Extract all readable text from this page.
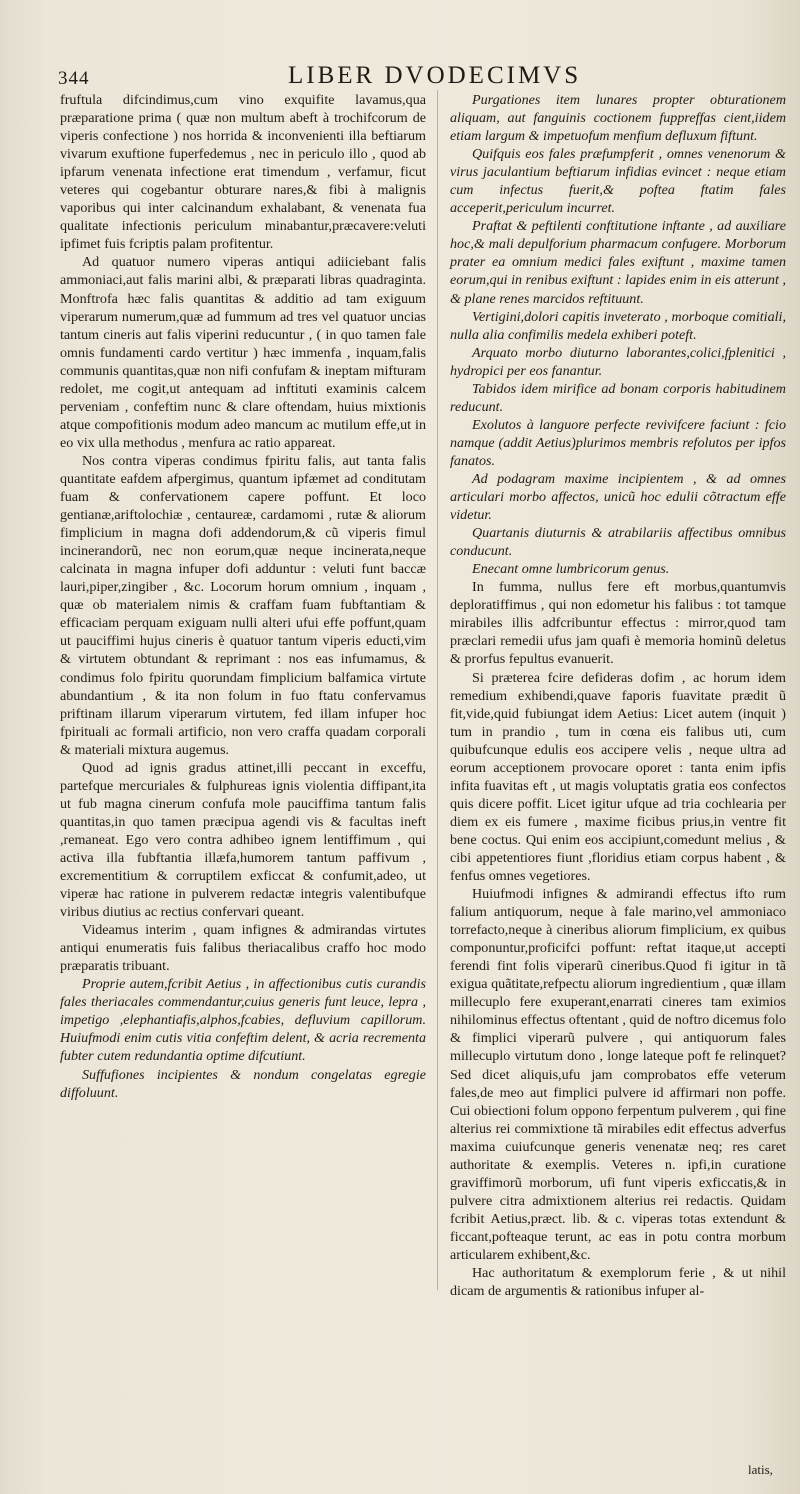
344	LIBER DVODECIMVS

fruftula difcindimus,cum vino exquifite lavamus,qua præparatione prima ( quæ non multum abeft à trochifcorum de viperis confectione ) nos horrida & inconvenienti illa beftiarum vivarum exuftione fuperfedemus , nec in periculo illo , quod ab ipfarum venenata infectione erat timendum , verfamur, ficut veteres qui cogebantur obturare nares,& fibi à malignis vaporibus qui inter calcinandum exhalabant, & venenata fua qualitate infectionis periculum minabantur,præcavere:veluti ipfimet fuis fcriptis palam profitentur.

Ad quatuor numero viperas antiqui adiiciebant falis ammoniaci,aut falis marini albi, & præparati libras quadraginta. Monftrofa hæc falis quantitas & additio ad tam exiguum viperarum numerum,quæ ad fummum ad tres vel quatuor uncias tantum cineris aut falis viperini reducuntur , ( in quo tamen fale omnis fundamenti cardo vertitur ) hæc immenfa , inquam,falis communis quantitas,quæ non nifi confufam & ineptam mifturam redolet, me cogit,ut antequam ad inftituti examinis calcem perveniam , confeftim nunc & clare oftendam, huius mixtionis atque compofitionis modum adeo mancum ac mutilum effe,ut in eo vix ulla methodus , menfura ac ratio appareat.

Nos contra viperas condimus fpiritu falis, aut tanta falis quantitate eafdem afpergimus, quantum ipfæmet ad conditutam fuam & confervationem capere poffunt. Et loco gentianæ,ariftolochiæ , centaureæ, cardamomi , rutæ & aliorum fimplicium in magna dofi addendorum,& cũ viperis fimul incinerandorũ, nec non eorum,quæ neque incinerata,neque calcinata in magna infuper dofi adduntur : veluti funt baccæ lauri,piper,zingiber , &c. Locorum horum omnium , inquam , quæ ob materialem nimis & craffam fuam fubftantiam & efficaciam perquam exiguam nulli alteri ufui effe poffunt,quam ut pauciffimi hujus cineris è quatuor tantum viperis educti,vim & virtutem obtundant & reprimant : nos eas infumamus, & condimus folo fpiritu quorundam fimplicium balfamica virtute abundantium , & ita non folum in fuo ftatu confervamus priftinam illarum viperarum virtutem, fed illam infuper hoc fpirituali ac formali artificio, non vero craffa quadam corporali & materiali mixtura augemus.

Quod ad ignis gradus attinet,illi peccant in exceffu, partefque mercuriales & fulphureas ignis violentia diffipant,ita ut fub magna cinerum confufa mole pauciffima tantum falis quantitas,in quo tamen præcipua agendi vis & facultas ineft ,remaneat. Ego vero contra adhibeo ignem lentiffimum , qui activa illa fubftantia illæfa,humorem tantum paffivum , excrementitium & corruptilem exficcat & confumit,adeo, ut viperæ hac ratione in pulverem redactæ integris valentibufque viribus diutius ac rectius confervari queant.

Videamus interim , quam infignes & admirandas virtutes antiqui enumeratis fuis falibus theriacalibus craffo hoc modo præparatis tribuant.

Proprie autem,fcribit Aetius , in affectionibus cutis curandis fales theriacales commendantur,cuius generis funt leuce, lepra , impetigo ,elephantiafis,alphos,fcabies, defluvium capillorum. Huiufmodi enim cutis vitia confeftim delent, & acria recrementa fubter cutem redundantia optime difcutiunt.

Suffufiones incipientes & nondum congelatas egregie diffoluunt.

Purgationes item lunares propter obturationem aliquam, aut fanguinis coctionem fuppreffas cient,iidem etiam largum & impetuofum menfium defluxum fiftunt.

Quifquis eos fales præfumpferit , omnes venenorum & virus jaculantium beftiarum infidias evincet : neque etiam cum infectus fuerit,& poftea ftatim fales acceperit,periculum incurret.

Praftat & peftilenti conftitutione inftante , ad auxiliare hoc,& mali depulforium pharmacum confugere. Morborum prater ea omnium medici fales exiftunt , maxime tamen eorum,qui in renibus exiftunt : lapides enim in eis atterunt , & plane renes marcidos reftituunt.

Vertigini,dolori capitis inveterato , morboque comitiali, nulla alia confimilis medela exhiberi poteft.

Arquato morbo diuturno laborantes,colici,fplenitici , hydropici per eos fanantur.

Tabidos idem mirifice ad bonam corporis habitudinem reducunt.

Exolutos à languore perfecte revivifcere faciunt : fcio namque (addit Aetius)plurimos membris refolutos per ipfos fanatos.

Ad podagram maxime incipientem , & ad omnes articulari morbo affectos, unicũ hoc edulii cõtractum effe videtur.

Quartanis diuturnis & atrabilariis affectibus omnibus conducunt.

Enecant omne lumbricorum genus.

In fumma, nullus fere eft morbus,quantumvis deploratiffimus , qui non edometur his falibus : tot tamque mirabiles illis adfcribuntur effectus : mirror,quod tam præclari remedii ufus jam quafi è memoria hominũ deletus & prorfus fepultus evanuerit.

Si præterea fcire defideras dofim , ac horum idem remedium exhibendi,quave faporis fuavitate prædit ũ fit,vide,quid fubiungat idem Aetius: Licet autem (inquit ) tum in prandio , tum in cœna eis falibus uti, cum quibufcunque edulis eos accipere velis , neque ultra ad eorum acceptionem provocare oporet : tanta enim ipfis infita fuavitas eft , ut magis voluptatis gratia eos confectos quis dicere poffit. Licet igitur ufque ad tria cochlearia per diem ex eis fumere , maxime ficibus prius,in ventre fit bene coctus. Qui enim eos accipiunt,comedunt melius , & cibi appetentiores fiunt ,floridius etiam corpus habent , & fenfus omnes vegetiores.

Huiufmodi infignes & admirandi effectus ifto rum falium antiquorum, neque à fale marino,vel ammoniaco torrefacto,neque à cineribus aliorum fimplicium, ex quibus componuntur,proficifci poffunt: reftat itaque,ut accepti ferendi fint folis viperarũ cineribus.Quod fi igitur in tã exigua quãtitate,refpectu aliorum ingredientium , quæ illam millecuplo fere exuperant,enarrati cineres tam eximios nihilominus effectus oftentant , quid de noftro dicemus folo & fimplici viperarũ pulvere , qui antiquorum fales millecuplo virtutum dono , longe lateque poft fe relinquet? Sed dicet aliquis,ufu jam comprobatos effe veterum fales,de meo aut fimplici pulvere id affirmari non poffe. Cui obiectioni folum oppono ferpentum pulverem , qui fine alterius rei commixtione tã mirabiles edit effectus adverfus maxima cuiufcunque generis venenatæ neq; res caret authoritate & exemplis. Veteres n. ipfi,in curatione graviffimorũ morborum, ufi funt viperis exficcatis,& in pulvere citra admixtionem alterius rei redactis. Quidam fcribit Aetius,præct. lib. & c. viperas totas extendunt & ficcant,pofteaque terunt, ac eas in potu contra morbum articularem exhibent,&c.

Hac authoritatum & exemplorum ferie , & ut nihil dicam de argumentis & rationibus infuper al-

latis,
